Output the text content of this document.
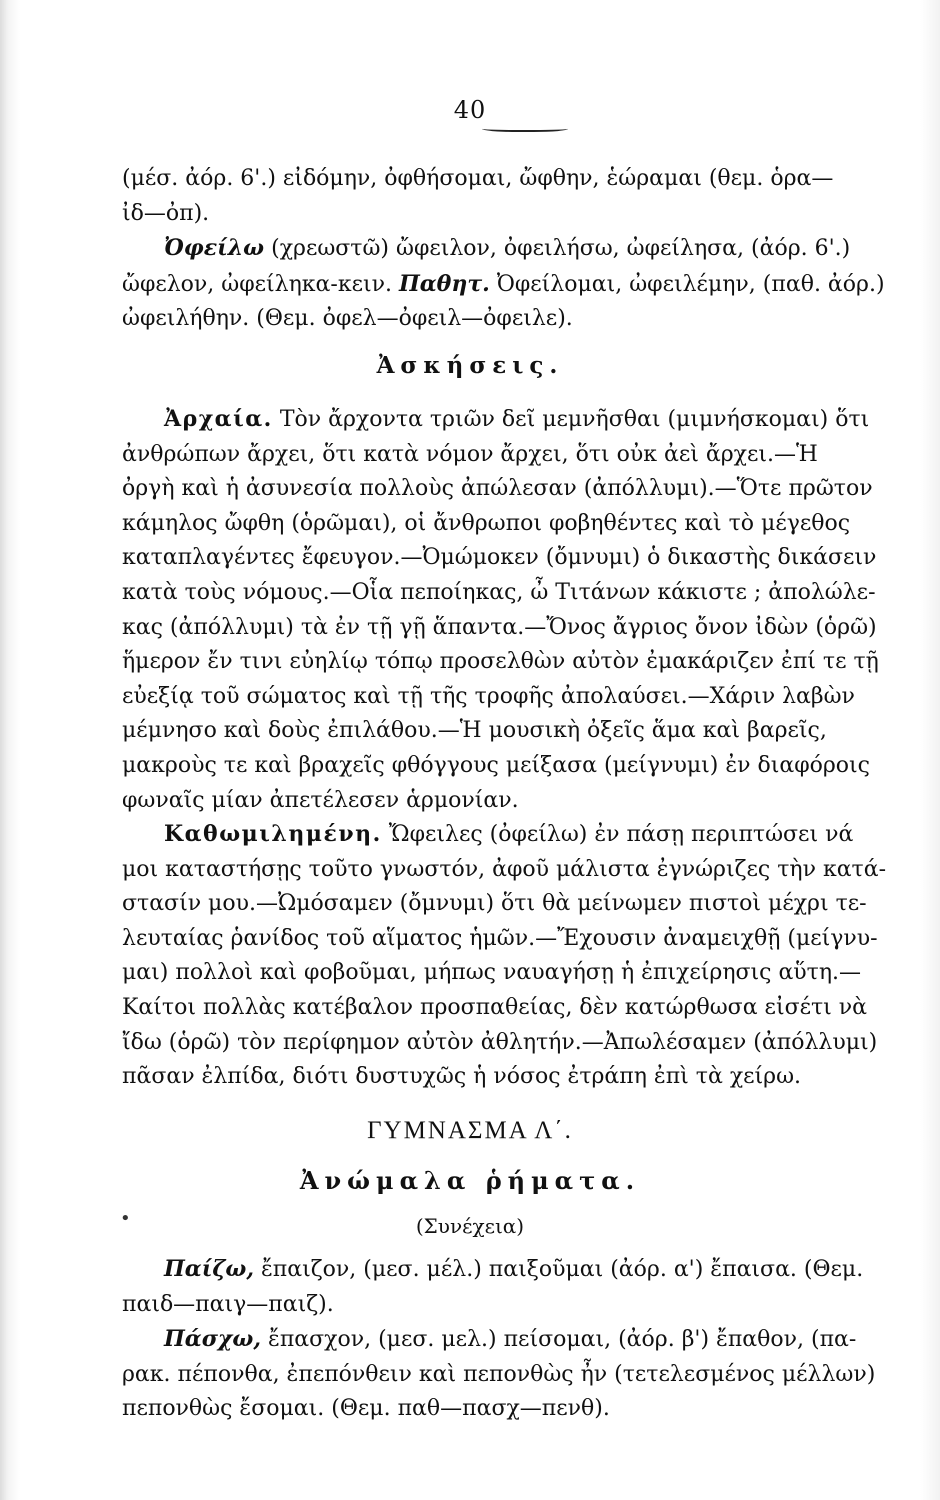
40
(μέσ. ἀόρ. 6'.) εἰδόμην, ὀφθήσομαι, ὤφθην, ἑώραμαι (θεμ. ὁρα—
ἰδ—ὀπ).
Ὀφείλω (χρεωστῶ) ὤφειλον, ὀφειλήσω, ὠφείλησα, (ἀόρ. 6'.)
ὤφελον, ὠφείληκα-κειν. Παθητ. Ὀφείλομαι, ὠφειλέμην, (παθ. ἀόρ.)
ὠφειλήθην. (Θεμ. ὀφελ—ὀφειλ—ὀφειλε).
Ἀσκήσεις.
Ἀρχαία. Τὸν ἄρχοντα τριῶν δεῖ μεμνῆσθαι (μιμνήσκομαι) ὅτι
ἀνθρώπων ἄρχει, ὅτι κατὰ νόμον ἄρχει, ὅτι οὐκ ἀεὶ ἄρχει.—Ἡ
ὀργὴ καὶ ἡ ἀσυνεσία πολλοὺς ἀπώλεσαν (ἀπόλλυμι).—Ὅτε πρῶτον
κάμηλος ὤφθη (ὁρῶμαι), οἱ ἄνθρωποι φοβηθέντες καὶ τὸ μέγεθος
καταπλαγέντες ἔφευγον.—Ὀμώμοκεν (ὄμνυμι) ὁ δικαστὴς δικάσειν
κατὰ τοὺς νόμους.—Οἷα πεποίηκας, ὦ Τιτάνων κάκιστε ; ἀπολώλε-
κας (ἀπόλλυμι) τὰ ἐν τῇ γῇ ἅπαντα.—Ὄνος ἄγριος ὄνον ἰδὼν (ὁρῶ)
ἥμερον ἔν τινι εὐηλίῳ τόπῳ προσελθὼν αὐτὸν ἐμακάριζεν ἐπί τε τῇ
εὐεξίᾳ τοῦ σώματος καὶ τῇ τῆς τροφῆς ἀπολαύσει.—Χάριν λαβὼν
μέμνησο καὶ δοὺς ἐπιλάθου.—Ἡ μουσικὴ ὀξεῖς ἅμα καὶ βαρεῖς,
μακροὺς τε καὶ βραχεῖς φθόγγους μείξασα (μείγνυμι) ἐν διαφόροις
φωναῖς μίαν ἀπετέλεσεν ἁρμονίαν.
Καθωμιλημένη. Ὤφειλες (ὀφείλω) ἐν πάσῃ περιπτώσει νά
μοι καταστήσῃς τοῦτο γνωστόν, ἀφοῦ μάλιστα ἐγνώριζες τὴν κατά-
στασίν μου.—Ὠμόσαμεν (ὄμνυμι) ὅτι θὰ μείνωμεν πιστοὶ μέχρι τε-
λευταίας ῥανίδος τοῦ αἵματος ἡμῶν.—Ἔχουσιν ἀναμειχθῇ (μείγνυ-
μαι) πολλοὶ καὶ φοβοῦμαι, μήπως ναυαγήσῃ ἡ ἐπιχείρησις αὕτη.—
Καίτοι πολλὰς κατέβαλον προσπαθείας, δὲν κατώρθωσα εἰσέτι νὰ
ἴδω (ὁρῶ) τὸν περίφημον αὐτὸν ἀθλητήν.—Ἀπωλέσαμεν (ἀπόλλυμι)
πᾶσαν ἐλπίδα, διότι δυστυχῶς ἡ νόσος ἐτράπη ἐπὶ τὰ χείρω.
ΓΥΜΝΑΣΜΑ Λ΄.
Ἀνώμαλα ῥήματα.
•	(Συνέχεια)
Παίζω, ἔπαιζον, (μεσ. μέλ.) παιξοῦμαι (ἀόρ. α') ἔπαισα. (Θεμ.
παιδ—παιγ—παιζ).
Πάσχω, ἔπασχον, (μεσ. μελ.) πείσομαι, (ἀόρ. β') ἔπαθον, (πα-
ρακ. πέπονθα, ἐπεπόνθειν καὶ πεπονθὼς ἦν (τετελεσμένος μέλλων)
πεπονθὼς ἔσομαι. (Θεμ. παθ—πασχ—πενθ).
